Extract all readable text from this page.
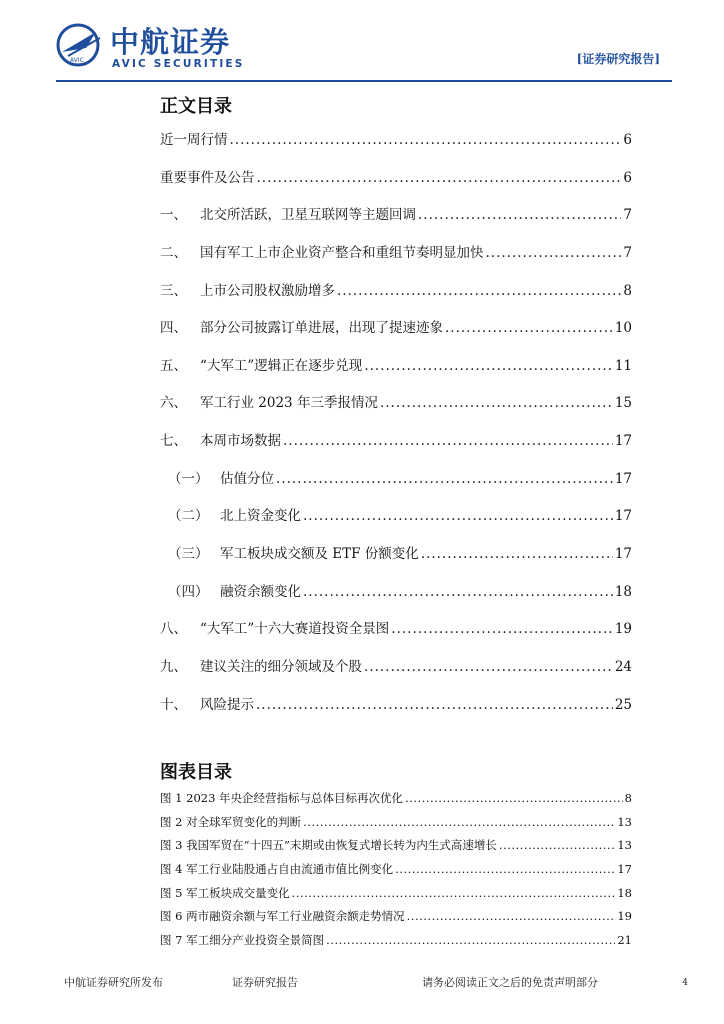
AVIC
中航证券
AVIC SECURITIES	[证券研究报告]
正文目录
近一周行情 .....	6
重要事件及公告 .....	6
一、 北交所活跃，卫星互联网等主题回调 .....	7
二、 国有军工上市企业资产整合和重组节奏明显加快 .....	7
三、 上市公司股权激励增多 .....	8
四、 部分公司披露订单进展，出现了提速迹象 .....	10
五、 “大军工”逻辑正在逐步兑现 .....	11
六、 军工行业 2023 年三季报情况 .....	15
七、 本周市场数据 .....	17
（一） 估值分位 .....	17
（二） 北上资金变化 .....	17
（三） 军工板块成交额及 ETF 份额变化 .....	17
（四） 融资余额变化 .....	18
八、 “大军工”十六大赛道投资全景图 .....	19
九、 建议关注的细分领域及个股 .....	24
十、 风险提示 .....	25
图表目录
图 1 2023 年央企经营指标与总体目标再次优化 .....	8
图 2 对全球军贸变化的判断 .....	13
图 3 我国军贸在“十四五”末期或由恢复式增长转为内生式高速增长 .....	13
图 4 军工行业陆股通占自由流通市值比例变化 .....	17
图 5 军工板块成交量变化 .....	18
图 6 两市融资余额与军工行业融资余额走势情况 .....	19
图 7 军工细分产业投资全景简图 .....	21
中航证券研究所发布	证券研究报告	请务必阅读正文之后的免责声明部分	4
